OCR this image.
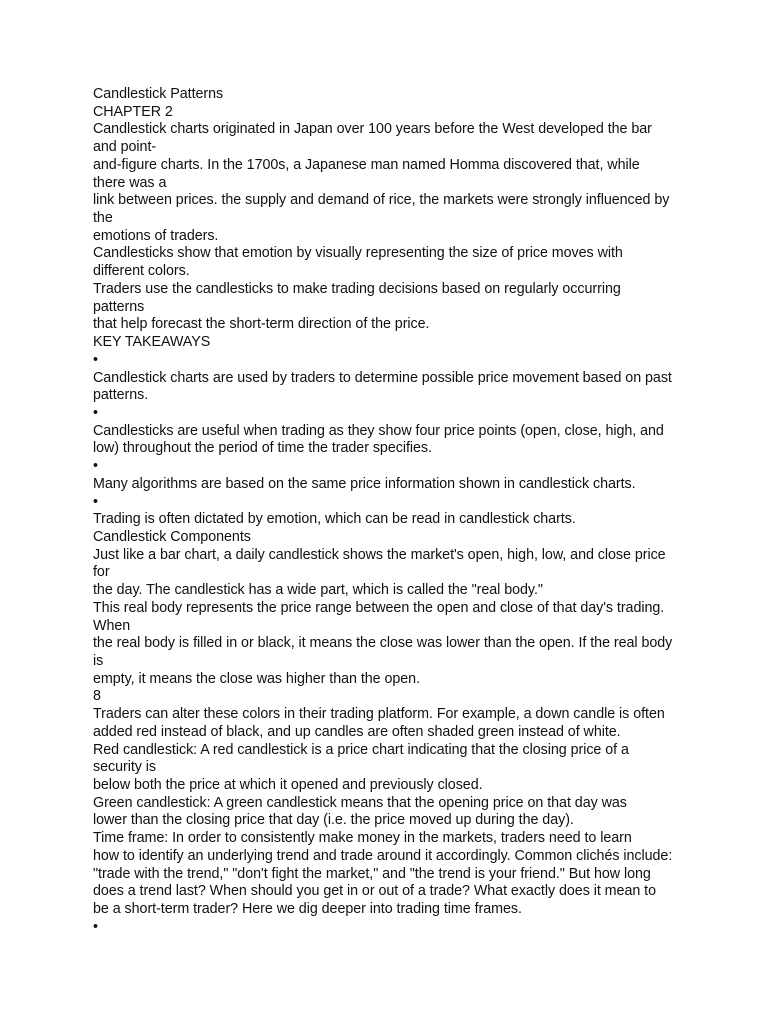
Candlestick Patterns
CHAPTER 2
Candlestick charts originated in Japan over 100 years before the West developed the bar
and point-
and-figure charts. In the 1700s, a Japanese man named Homma discovered that, while
there was a
link between prices. the supply and demand of rice, the markets were strongly influenced by
the
emotions of traders.
Candlesticks show that emotion by visually representing the size of price moves with
different colors.
Traders use the candlesticks to make trading decisions based on regularly occurring
patterns
that help forecast the short-term direction of the price.
KEY TAKEAWAYS
•
Candlestick charts are used by traders to determine possible price movement based on past
patterns.
•
Candlesticks are useful when trading as they show four price points (open, close, high, and
low) throughout the period of time the trader specifies.
•
Many algorithms are based on the same price information shown in candlestick charts.
•
Trading is often dictated by emotion, which can be read in candlestick charts.
Candlestick Components
Just like a bar chart, a daily candlestick shows the market's open, high, low, and close price
for
the day. The candlestick has a wide part, which is called the "real body."
This real body represents the price range between the open and close of that day's trading.
When
the real body is filled in or black, it means the close was lower than the open. If the real body
is
empty, it means the close was higher than the open.
8
Traders can alter these colors in their trading platform. For example, a down candle is often
added red instead of black, and up candles are often shaded green instead of white.
Red candlestick: A red candlestick is a price chart indicating that the closing price of a
security is
below both the price at which it opened and previously closed.
Green candlestick: A green candlestick means that the opening price on that day was
lower than the closing price that day (i.e. the price moved up during the day).
Time frame: In order to consistently make money in the markets, traders need to learn
how to identify an underlying trend and trade around it accordingly. Common clichés include:
"trade with the trend," "don't fight the market," and "the trend is your friend." But how long
does a trend last? When should you get in or out of a trade? What exactly does it mean to
be a short-term trader? Here we dig deeper into trading time frames.
•
